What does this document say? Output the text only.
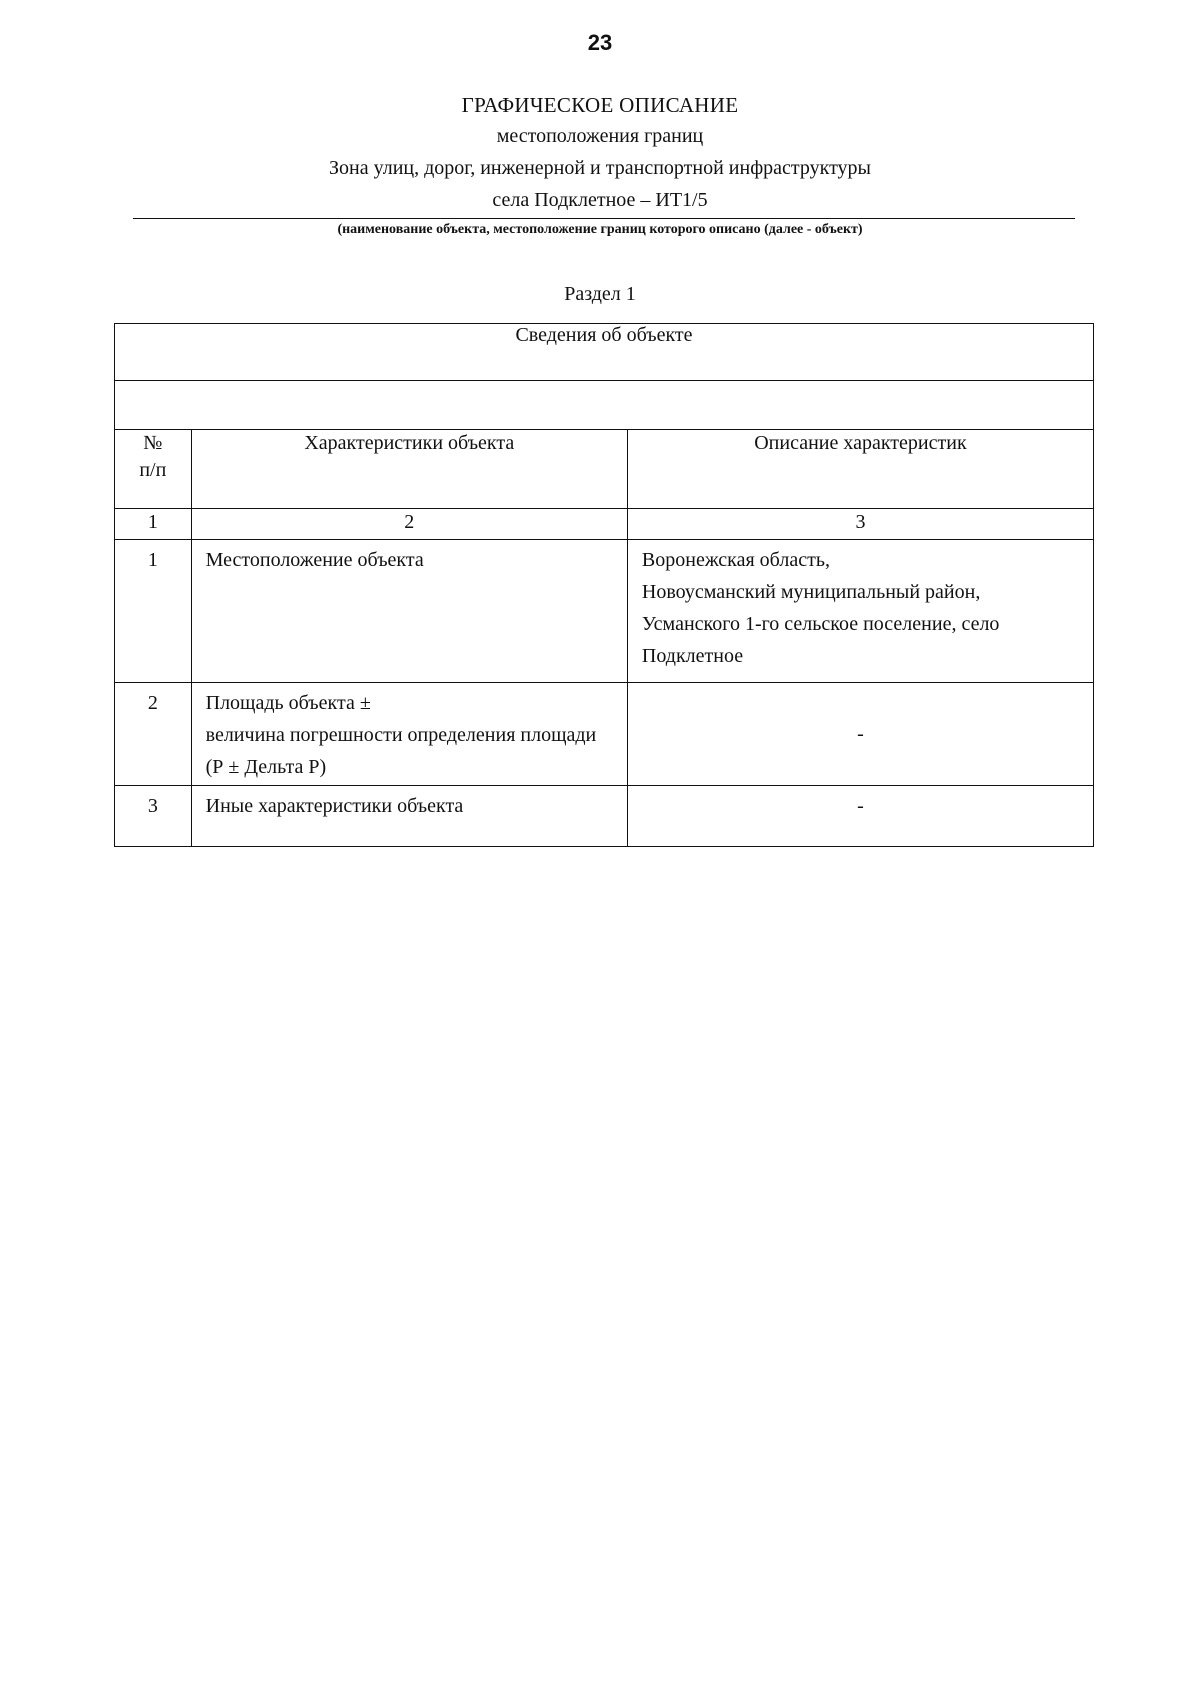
23
ГРАФИЧЕСКОЕ ОПИСАНИЕ
местоположения границ
Зона улиц, дорог, инженерной и транспортной инфраструктуры
села Подклетное – ИТ1/5
(наименование объекта, местоположение границ которого описано (далее - объект)
Раздел 1
Сведения об объекте		

№
п/п	Характеристики объекта	Описание характеристик
1	2	3
1	Местоположение объекта	Воронежская область,
Новоусманский муниципальный район,
Усманского 1-го сельское поселение, село Подклетное
2	Площадь объекта ±
величина погрешности определения площади (Р ± Дельта Р)	-
3	Иные характеристики объекта	-
